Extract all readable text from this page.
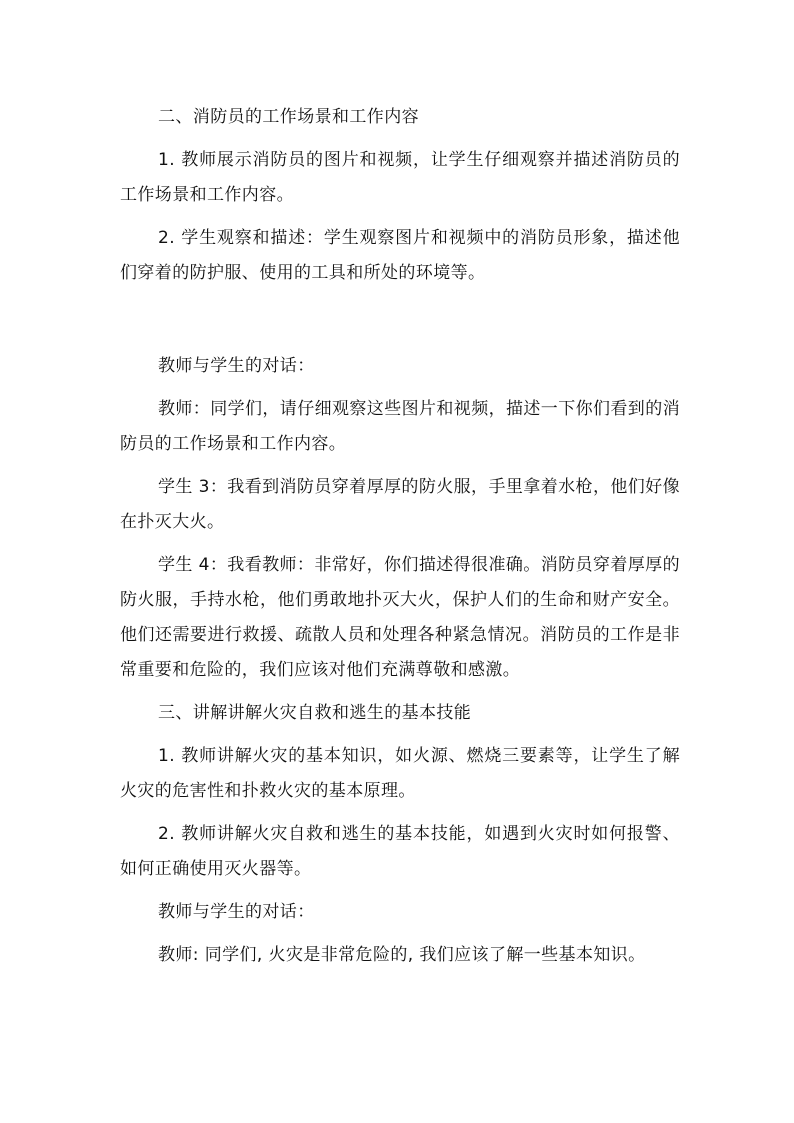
二、消防员的工作场景和工作内容

1. 教师展示消防员的图片和视频，让学生仔细观察并描述消防员的工作场景和工作内容。

2. 学生观察和描述：学生观察图片和视频中的消防员形象，描述他们穿着的防护服、使用的工具和所处的环境等。

教师与学生的对话：

教师：同学们，请仔细观察这些图片和视频，描述一下你们看到的消防员的工作场景和工作内容。

学生 3：我看到消防员穿着厚厚的防火服，手里拿着水枪，他们好像在扑灭大火。

学生 4：我看教师：非常好，你们描述得很准确。消防员穿着厚厚的防火服，手持水枪，他们勇敢地扑灭大火，保护人们的生命和财产安全。他们还需要进行救援、疏散人员和处理各种紧急情况。消防员的工作是非常重要和危险的，我们应该对他们充满尊敬和感激。

三、讲解讲解火灾自救和逃生的基本技能

1. 教师讲解火灾的基本知识，如火源、燃烧三要素等，让学生了解火灾的危害性和扑救火灾的基本原理。

2. 教师讲解火灾自救和逃生的基本技能，如遇到火灾时如何报警、如何正确使用灭火器等。

教师与学生的对话：

教师: 同学们, 火灾是非常危险的, 我们应该了解一些基本知识。
